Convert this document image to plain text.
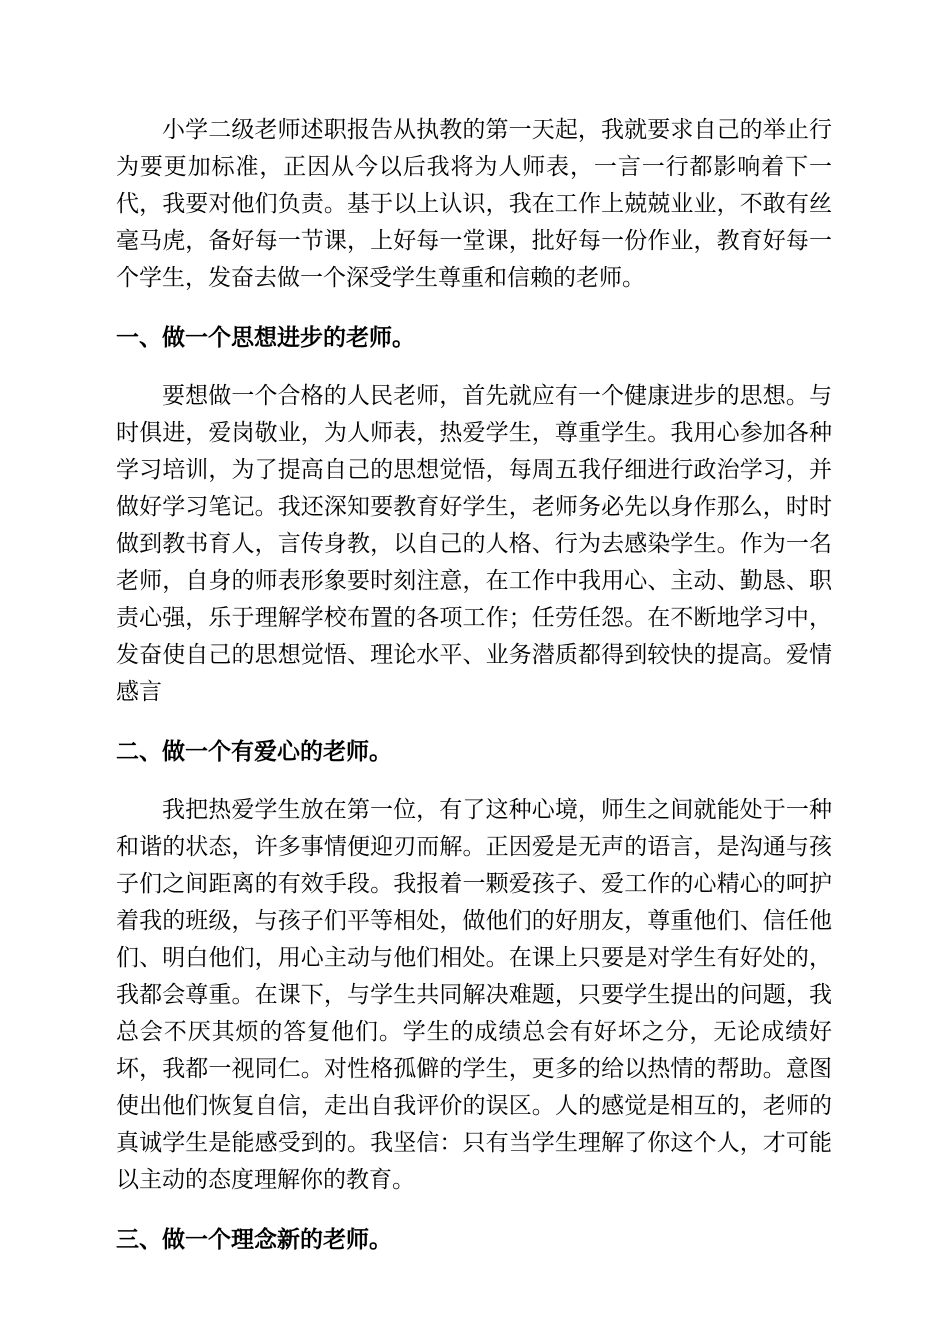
小学二级老师述职报告从执教的第一天起，我就要求自己的举止行为要更加标准，正因从今以后我将为人师表，一言一行都影响着下一代，我要对他们负责。基于以上认识，我在工作上兢兢业业，不敢有丝毫马虎，备好每一节课，上好每一堂课，批好每一份作业，教育好每一个学生，发奋去做一个深受学生尊重和信赖的老师。

一、做一个思想进步的老师。

要想做一个合格的人民老师，首先就应有一个健康进步的思想。与时俱进，爱岗敬业，为人师表，热爱学生，尊重学生。我用心参加各种学习培训，为了提高自己的思想觉悟，每周五我仔细进行政治学习，并做好学习笔记。我还深知要教育好学生，老师务必先以身作那么，时时做到教书育人，言传身教，以自己的人格、行为去感染学生。作为一名老师，自身的师表形象要时刻注意，在工作中我用心、主动、勤恳、职责心强，乐于理解学校布置的各项工作；任劳任怨。在不断地学习中，发奋使自己的思想觉悟、理论水平、业务潜质都得到较快的提高。爱情感言

二、做一个有爱心的老师。

我把热爱学生放在第一位，有了这种心境，师生之间就能处于一种和谐的状态，许多事情便迎刃而解。正因爱是无声的语言，是沟通与孩子们之间距离的有效手段。我报着一颗爱孩子、爱工作的心精心的呵护着我的班级，与孩子们平等相处，做他们的好朋友，尊重他们、信任他们、明白他们，用心主动与他们相处。在课上只要是对学生有好处的，我都会尊重。在课下，与学生共同解决难题，只要学生提出的问题，我总会不厌其烦的答复他们。学生的成绩总会有好坏之分，无论成绩好坏，我都一视同仁。对性格孤僻的学生，更多的给以热情的帮助。意图使出他们恢复自信，走出自我评价的误区。人的感觉是相互的，老师的真诚学生是能感受到的。我坚信：只有当学生理解了你这个人，才可能以主动的态度理解你的教育。

三、做一个理念新的老师。
